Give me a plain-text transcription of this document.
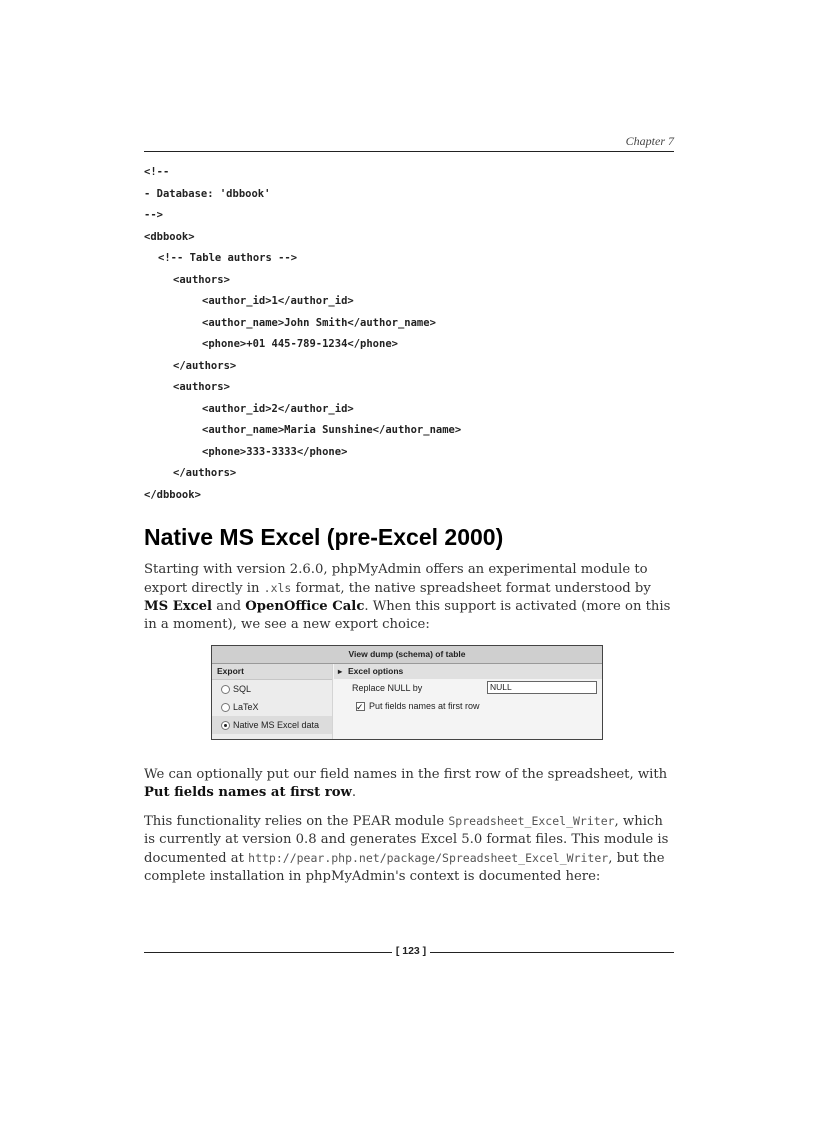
Chapter 7
<!--
- Database: 'dbbook'
-->
<dbbook>
<!-- Table authors -->
<authors>
<author_id>1</author_id>
<author_name>John Smith</author_name>
<phone>+01 445-789-1234</phone>
</authors>
<authors>
<author_id>2</author_id>
<author_name>Maria Sunshine</author_name>
<phone>333-3333</phone>
</authors>
</dbbook>
Native MS Excel (pre-Excel 2000)

Starting with version 2.6.0, phpMyAdmin offers an experimental module to export directly in .xls format, the native spreadsheet format understood by MS Excel and OpenOffice Calc. When this support is activated (more on this in a moment), we see a new export choice:

View dump (schema) of table
Export
SQL
LaTeX
Native MS Excel data
▸ Excel options
Replace NULL by	NULL
✓Put fields names at first row

We can optionally put our field names in the first row of the spreadsheet, with Put fields names at first row.

This functionality relies on the PEAR module Spreadsheet_Excel_Writer, which is currently at version 0.8 and generates Excel 5.0 format files. This module is documented at http://pear.php.net/package/Spreadsheet_Excel_Writer, but the complete installation in phpMyAdmin's context is documented here:

[ 123 ]
